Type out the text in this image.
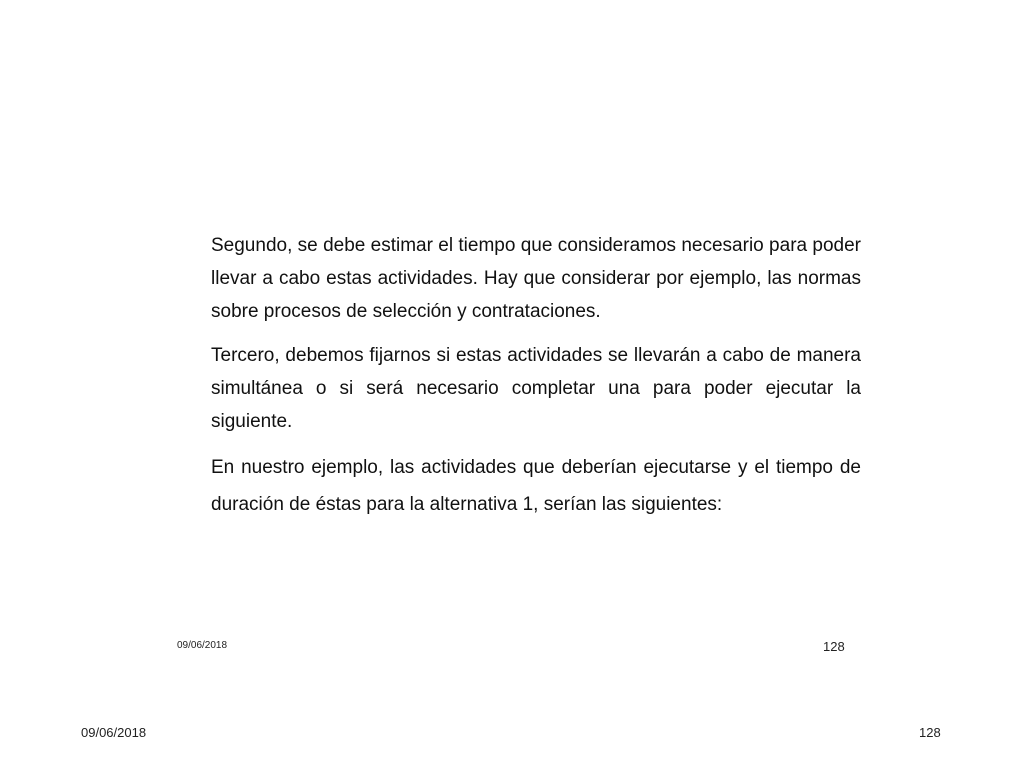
Segundo, se debe estimar el tiempo que consideramos necesario para poder llevar a cabo estas actividades. Hay que considerar por ejemplo, las normas sobre procesos de selección y contrataciones.

Tercero, debemos fijarnos si estas actividades se llevarán a cabo de manera simultánea o si será necesario completar una para poder ejecutar la siguiente.

En nuestro ejemplo, las actividades que deberían ejecutarse y el tiempo de duración de éstas para la alternativa 1, serían las siguientes:

09/06/2018	128
09/06/2018	128
